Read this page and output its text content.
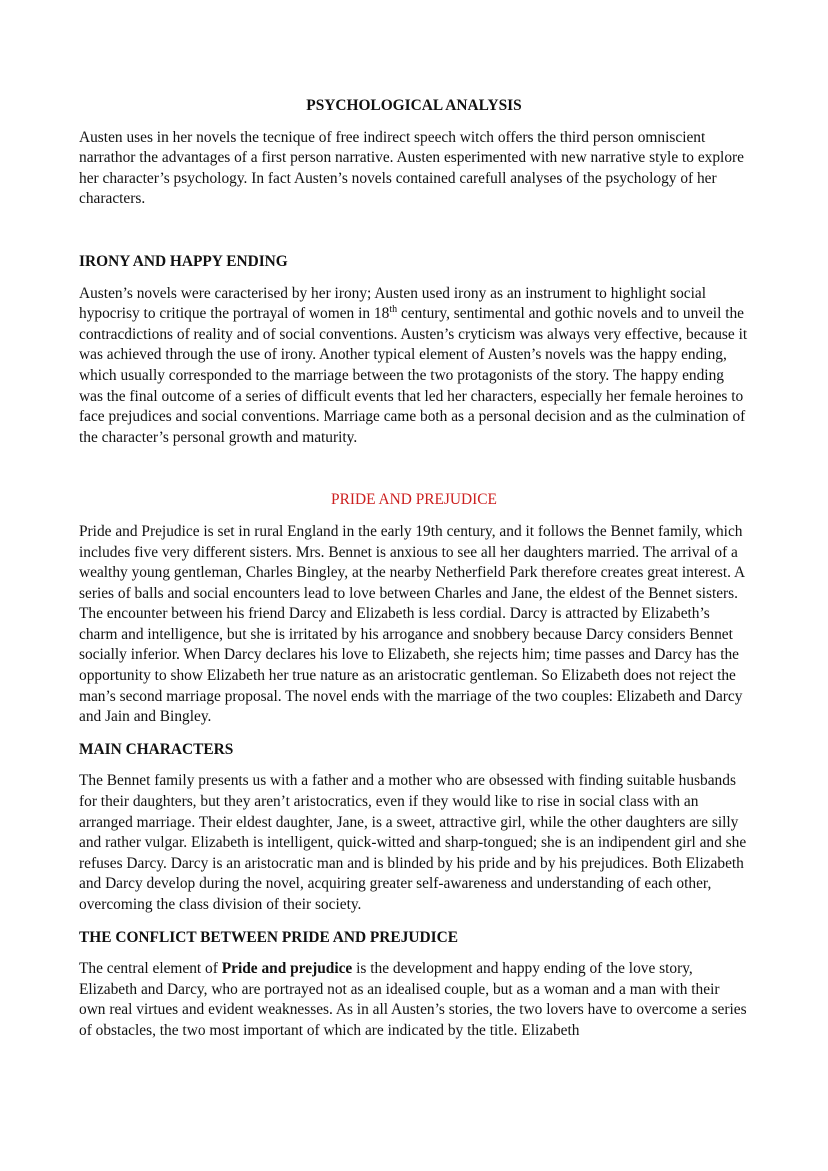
PSYCHOLOGICAL ANALYSIS

Austen uses in her novels the tecnique of free indirect speech witch offers the third person omniscient narrathor the advantages of a first person narrative. Austen esperimented with new narrative style to explore her character’s psychology. In fact Austen’s novels contained carefull analyses of the psychology of her characters.

IRONY AND HAPPY ENDING

Austen’s novels were caracterised by her irony; Austen used irony as an instrument to highlight social hypocrisy to critique the portrayal of women in 18th century, sentimental and gothic novels and to unveil the contracdictions of reality and of social conventions. Austen’s cryticism was always very effective, because it was achieved through the use of irony. Another typical element of Austen’s novels was the happy ending, which usually corresponded to the marriage between the two protagonists of the story. The happy ending was the final outcome of a series of difficult events that led her characters, especially her female heroines to face prejudices and social conventions. Marriage came both as a personal decision and as the culmination of the character’s personal growth and maturity.

PRIDE AND PREJUDICE

Pride and Prejudice is set in rural England in the early 19th century, and it follows the Bennet family, which includes five very different sisters. Mrs. Bennet is anxious to see all her daughters married. The arrival of a wealthy young gentleman, Charles Bingley, at the nearby Netherfield Park therefore creates great interest. A series of balls and social encounters lead to love between Charles and Jane, the eldest of the Bennet sisters. The encounter between his friend Darcy and Elizabeth is less cordial. Darcy is attracted by Elizabeth’s charm and intelligence, but she is irritated by his arrogance and snobbery because Darcy considers Bennet socially inferior. When Darcy declares his love to Elizabeth, she rejects him; time passes and Darcy has the opportunity to show Elizabeth her true nature as an aristocratic gentleman. So Elizabeth does not reject the man’s second marriage proposal. The novel ends with the marriage of the two couples: Elizabeth and Darcy and Jain and Bingley.

MAIN CHARACTERS

The Bennet family presents us with a father and a mother who are obsessed with finding suitable husbands for their daughters, but they aren’t aristocratics, even if they would like to rise in social class with an arranged marriage. Their eldest daughter, Jane, is a sweet, attractive girl, while the other daughters are silly and rather vulgar. Elizabeth is intelligent, quick-witted and sharp-tongued; she is an indipendent girl and she refuses Darcy. Darcy is an aristocratic man and is blinded by his pride and by his prejudices. Both Elizabeth and Darcy develop during the novel, acquiring greater self-awareness and understanding of each other, overcoming the class division of their society.

THE CONFLICT BETWEEN PRIDE AND PREJUDICE

The central element of Pride and prejudice is the development and happy ending of the love story, Elizabeth and Darcy, who are portrayed not as an idealised couple, but as a woman and a man with their own real virtues and evident weaknesses. As in all Austen’s stories, the two lovers have to overcome a series of obstacles, the two most important of which are indicated by the title. Elizabeth
